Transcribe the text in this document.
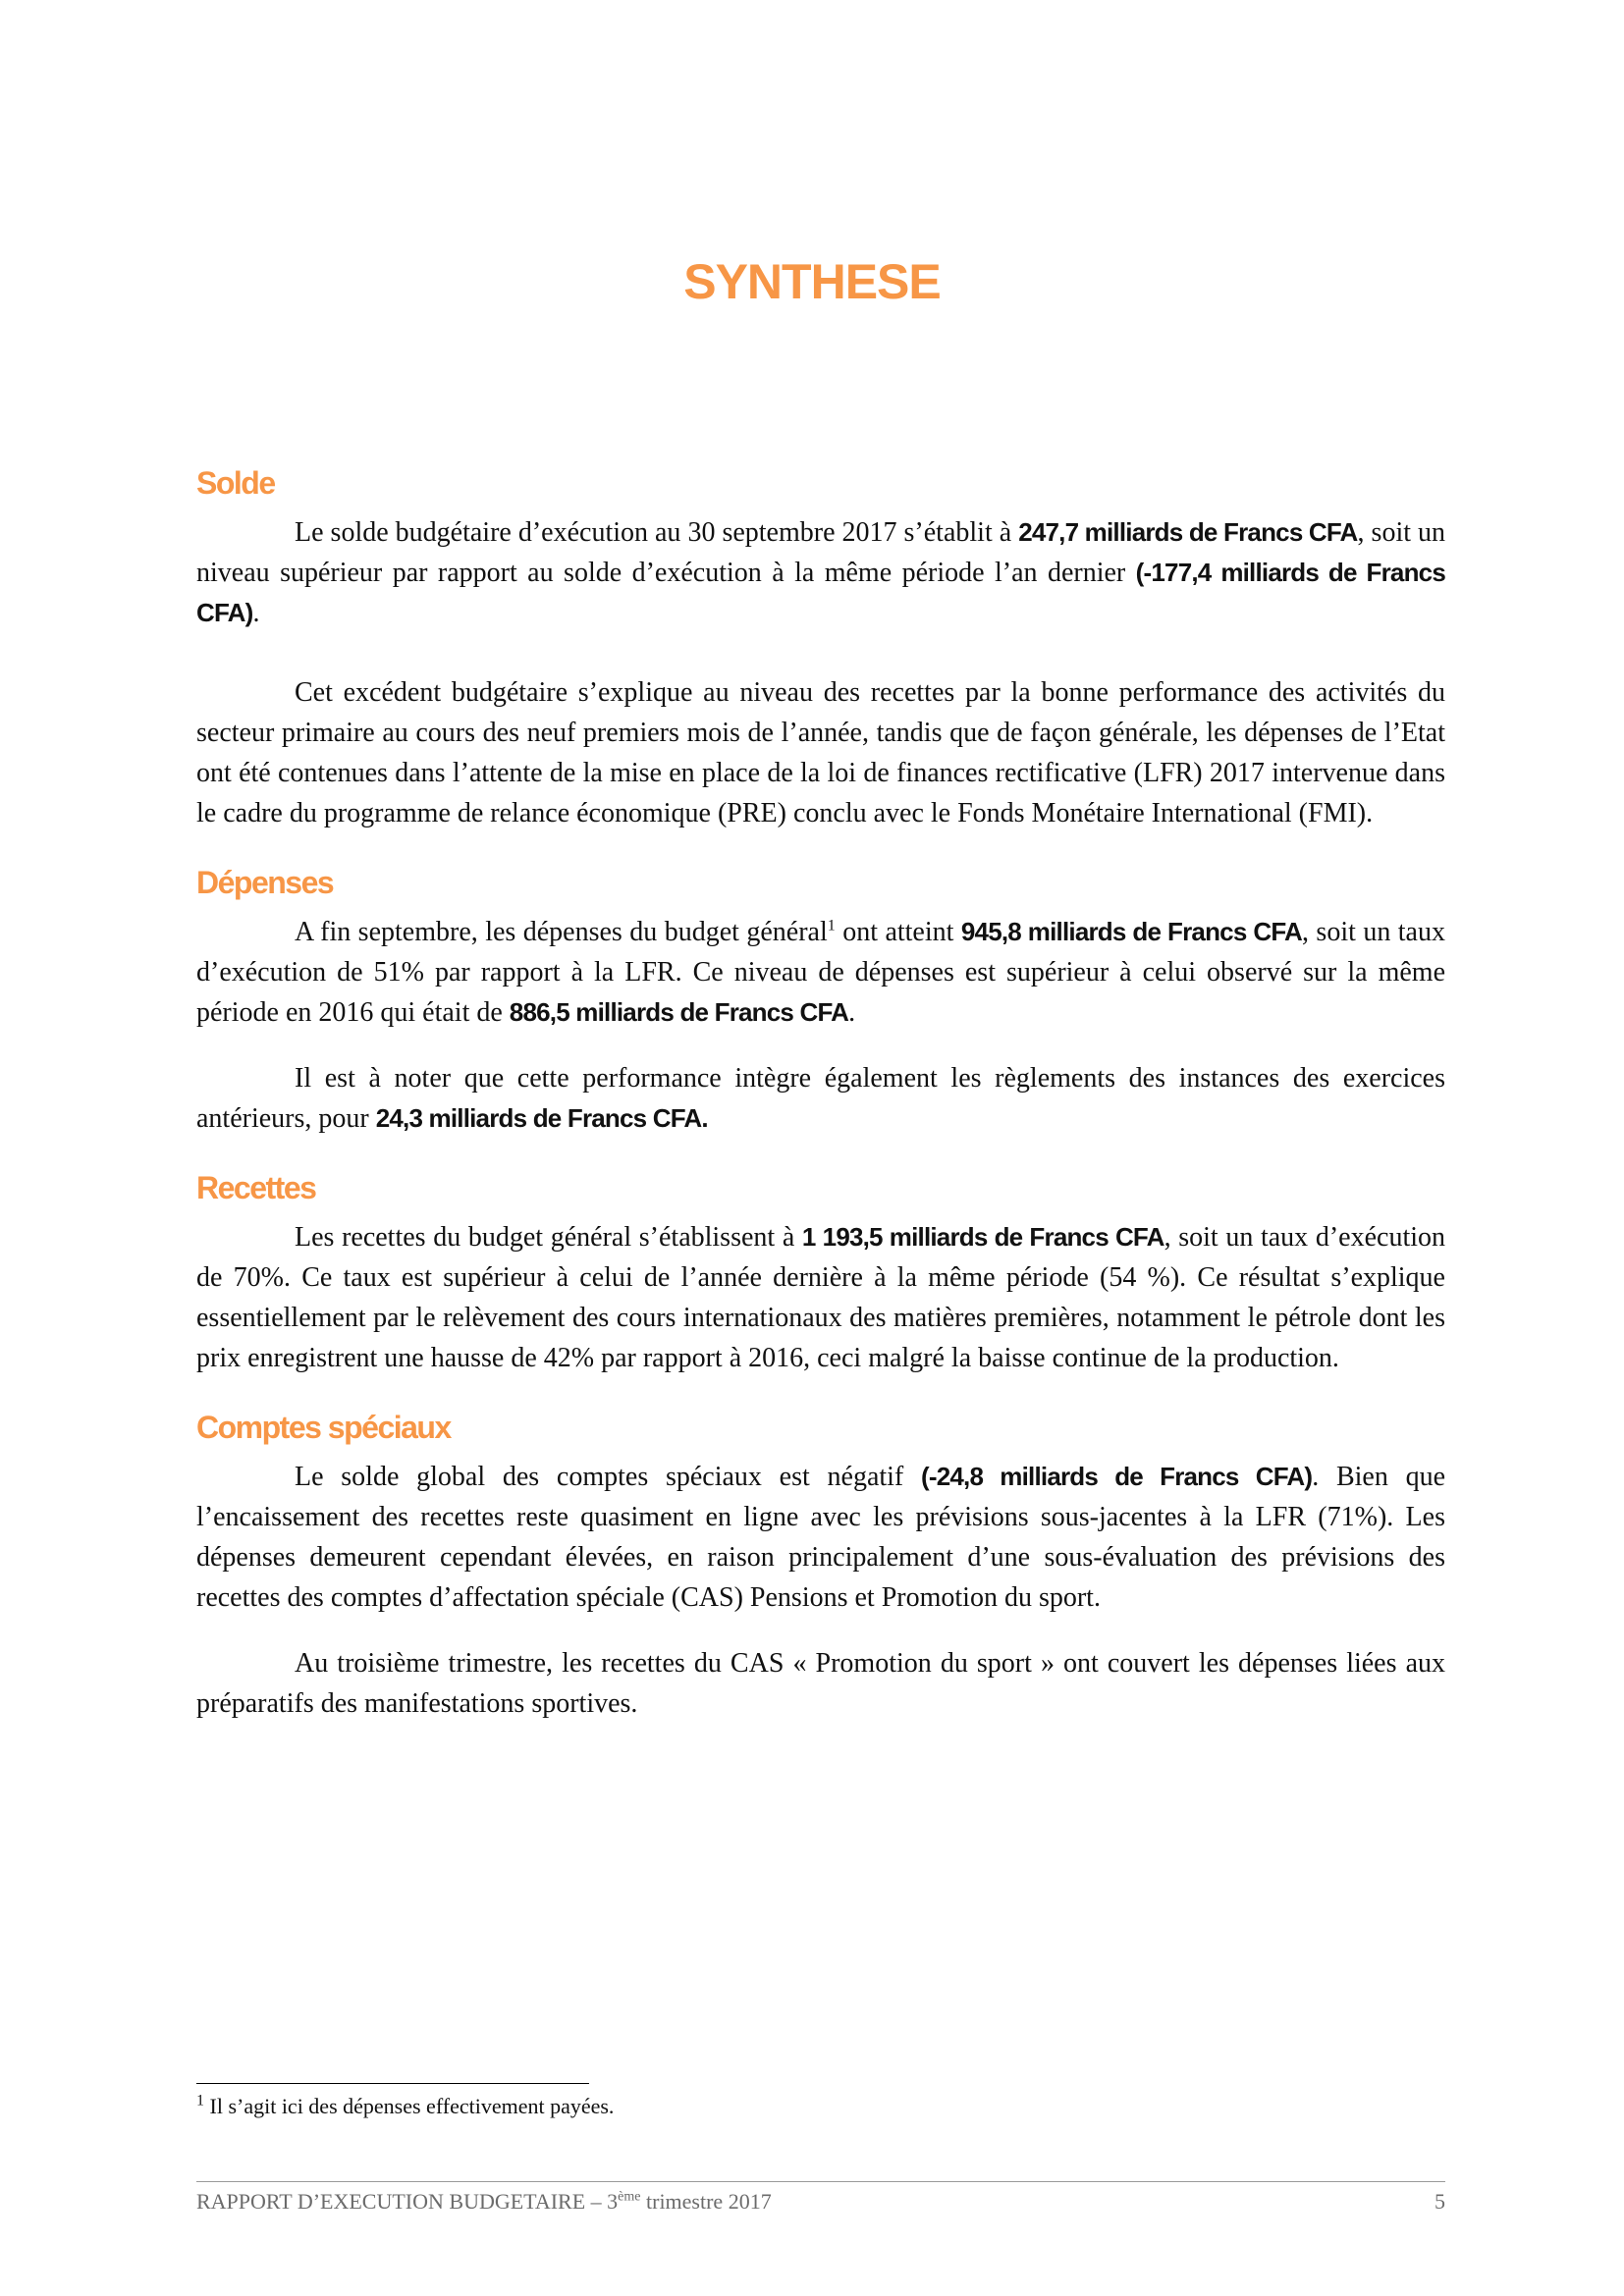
SYNTHESE
Solde

Le solde budgétaire d’exécution au 30 septembre 2017 s’établit à 247,7 milliards de Francs CFA, soit un niveau supérieur par rapport au solde d’exécution à la même période l’an dernier (-177,4 milliards de Francs CFA).

Cet excédent budgétaire s’explique au niveau des recettes par la bonne performance des activités du secteur primaire au cours des neuf premiers mois de l’année, tandis que de façon générale, les dépenses de l’Etat ont été contenues dans l’attente de la mise en place de la loi de finances rectificative (LFR) 2017 intervenue dans le cadre du programme de relance économique (PRE) conclu avec le Fonds Monétaire International (FMI).

Dépenses

A fin septembre, les dépenses du budget général$^1$ ont atteint 945,8 milliards de Francs CFA, soit un taux d’exécution de 51% par rapport à la LFR. Ce niveau de dépenses est supérieur à celui observé sur la même période en 2016 qui était de 886,5 milliards de Francs CFA.

Il est à noter que cette performance intègre également les règlements des instances des exercices antérieurs, pour 24,3 milliards de Francs CFA.

Recettes

Les recettes du budget général s’établissent à 1 193,5 milliards de Francs CFA, soit un taux d’exécution de 70%. Ce taux est supérieur à celui de l’année dernière à la même période (54 %). Ce résultat s’explique essentiellement par le relèvement des cours internationaux des matières premières, notamment le pétrole dont les prix enregistrent une hausse de 42% par rapport à 2016, ceci malgré la baisse continue de la production.

Comptes spéciaux

Le solde global des comptes spéciaux est négatif (-24,8 milliards de Francs CFA). Bien que l’encaissement des recettes reste quasiment en ligne avec les prévisions sous-jacentes à la LFR (71%). Les dépenses demeurent cependant élevées, en raison principalement d’une sous-évaluation des prévisions des recettes des comptes d’affectation spéciale (CAS) Pensions et Promotion du sport.

Au troisième trimestre, les recettes du CAS « Promotion du sport » ont couvert les dépenses liées aux préparatifs des manifestations sportives.

$^1$ Il s’agit ici des dépenses effectivement payées.
RAPPORT D’EXECUTION BUDGETAIRE – 3ème trimestre 2017	5
